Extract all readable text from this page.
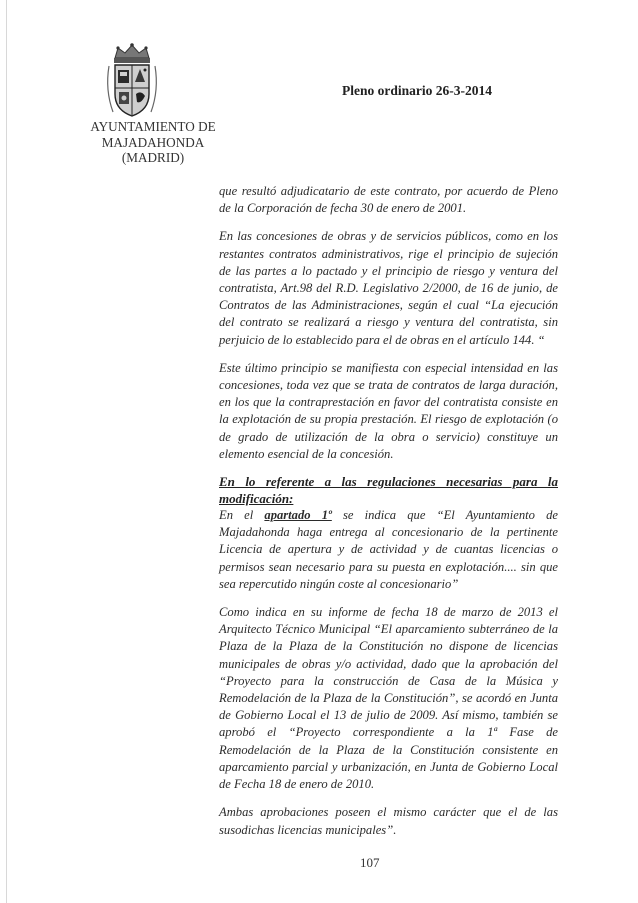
AYUNTAMIENTO DE
MAJADAHONDA
(MADRID)
Pleno ordinario 26-3-2014

que resultó adjudicatario de este contrato, por acuerdo de Pleno de la Corporación de fecha 30 de enero de 2001.

En las concesiones de obras y de servicios públicos, como en los restantes contratos administrativos, rige el principio de sujeción de las partes a lo pactado y el principio de riesgo y ventura del contratista, Art.98 del R.D. Legislativo 2/2000, de 16 de junio, de Contratos de las Administraciones, según el cual “La ejecución del contrato se realizará a riesgo y ventura del contratista, sin perjuicio de lo establecido para el de obras en el artículo 144. “

Este último principio se manifiesta con especial intensidad en las concesiones, toda vez que se trata de contratos de larga duración, en los que la contraprestación en favor del contratista consiste en la explotación de su propia prestación. El riesgo de explotación (o de grado de utilización de la obra o servicio) constituye un elemento esencial de la concesión.

En lo referente a las regulaciones necesarias para la modificación:

En el apartado 1º se indica que “El Ayuntamiento de Majadahonda haga entrega al concesionario de la pertinente Licencia de apertura y de actividad y de cuantas licencias o permisos sean necesario para su puesta en explotación.... sin que sea repercutido ningún coste al concesionario”

Como indica en su informe de fecha 18 de marzo de 2013 el Arquitecto Técnico Municipal “El aparcamiento subterráneo de la Plaza de la Plaza de la Constitución no dispone de licencias municipales de obras y/o actividad, dado que la aprobación del “Proyecto para la construcción de Casa de la Música y Remodelación de la Plaza de la Constitución”, se acordó en Junta de Gobierno Local el 13 de julio de 2009. Así mismo, también se aprobó el “Proyecto correspondiente a la 1ª Fase de Remodelación de la Plaza de la Constitución consistente en aparcamiento parcial y urbanización, en Junta de Gobierno Local de Fecha 18 de enero de 2010.

Ambas aprobaciones poseen el mismo carácter que el de las susodichas licencias municipales”.

107
